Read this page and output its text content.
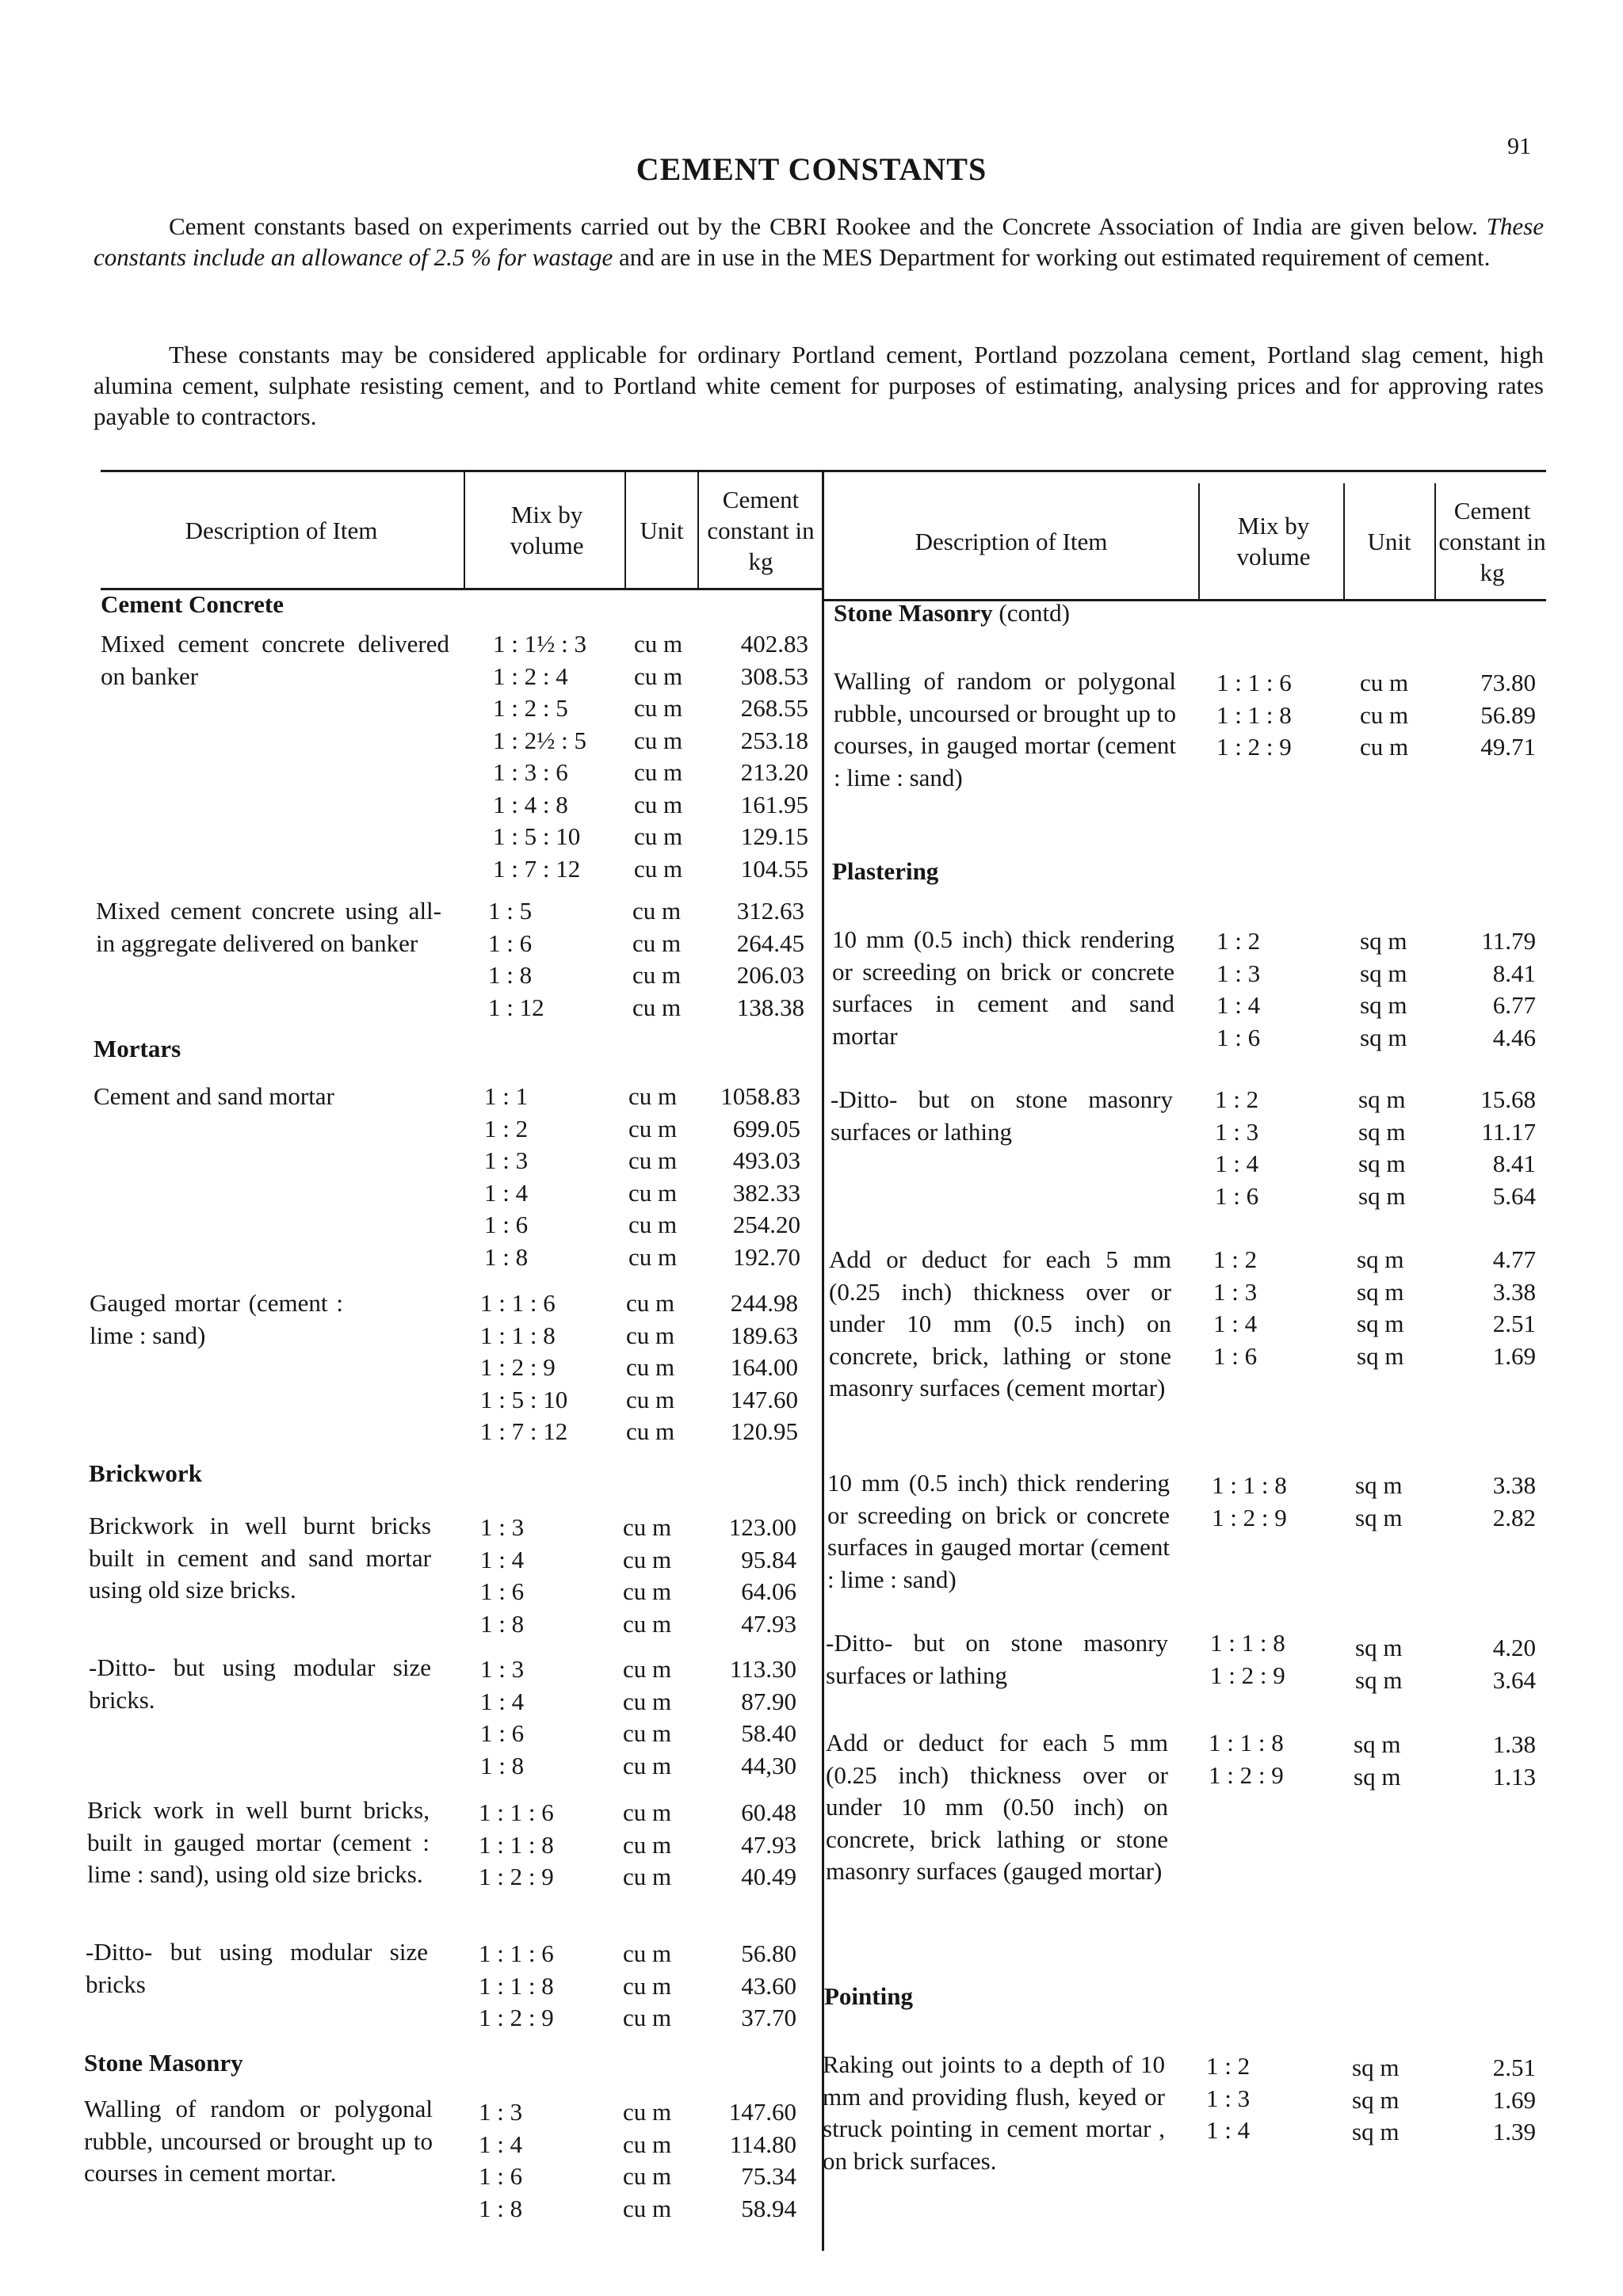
91
CEMENT CONSTANTS
Cement constants based on experiments carried out by the CBRI Rookee and the Concrete Association of India are given below. These constants include an allowance of 2.5 % for wastage and are in use in the MES Department for working out estimated requirement of cement.
These constants may be considered applicable for ordinary Portland cement, Portland pozzolana cement, Portland slag cement, high alumina cement, sulphate resisting cement, and to Portland white cement for purposes of estimating, analysing prices and for approving rates payable to contractors.
Description of Item
Mix by volume
Unit
Cement constant in kg
Description of Item
Mix by volume
Unit
Cement constant in kg
Cement Concrete
Mixed cement concrete delivered on banker
1 : 1½ : 3
1 : 2 : 4
1 : 2 : 5
1 : 2½ : 5
1 : 3 : 6
1 : 4 : 8
1 : 5 : 10
1 : 7 : 12
cu m
cu m
cu m
cu m
cu m
cu m
cu m
cu m
402.83
308.53
268.55
253.18
213.20
161.95
129.15
104.55
Mixed cement concrete using all-in aggregate delivered on banker
1 : 5
1 : 6
1 : 8
1 : 12
cu m
cu m
cu m
cu m
312.63
264.45
206.03
138.38
Mortars
Cement and sand mortar	1 : 1
1 : 2
1 : 3
1 : 4
1 : 6
1 : 8
cu m
cu m
cu m
cu m
cu m
cu m
1058.83
699.05
493.03
382.33
254.20
192.70
Gauged mortar (cement : lime : sand)
1 : 1 : 6
1 : 1 : 8
1 : 2 : 9
1 : 5 : 10
1 : 7 : 12
cu m
cu m
cu m
cu m
cu m
244.98
189.63
164.00
147.60
120.95
Brickwork
Brickwork in well burnt bricks built in cement and sand mortar using old size bricks.
1 : 3
1 : 4
1 : 6
1 : 8
cu m
cu m
cu m
cu m
123.00
95.84
64.06
47.93
-Ditto- but using modular size bricks.
1 : 3
1 : 4
1 : 6
1 : 8
cu m
cu m
cu m
cu m
113.30
87.90
58.40
44,30
Brick work in well burnt bricks, built in gauged mortar (cement : lime : sand), using old size bricks.
1 : 1 : 6
1 : 1 : 8
1 : 2 : 9
cu m
cu m
cu m
60.48
47.93
40.49
-Ditto- but using modular size bricks
1 : 1 : 6
1 : 1 : 8
1 : 2 : 9
cu m
cu m
cu m
56.80
43.60
37.70
Stone Masonry
Walling of random or polygonal rubble, uncoursed or brought up to courses in cement mortar.
1 : 3
1 : 4
1 : 6
1 : 8
cu m
cu m
cu m
cu m
147.60
114.80
75.34
58.94
Stone Masonry (contd)
Walling of random or polygonal rubble, uncoursed or brought up to courses, in gauged mortar (cement : lime : sand)
1 : 1 : 6
1 : 1 : 8
1 : 2 : 9
cu m
cu m
cu m
73.80
56.89
49.71
Plastering
10 mm (0.5 inch) thick rendering or screeding on brick or concrete surfaces in cement and sand mortar
1 : 2
1 : 3
1 : 4
1 : 6
sq m
sq m
sq m
sq m
11.79
8.41
6.77
4.46
-Ditto- but on stone masonry surfaces or lathing
1 : 2
1 : 3
1 : 4
1 : 6
sq m
sq m
sq m
sq m
15.68
11.17
8.41
5.64
Add or deduct for each 5 mm (0.25 inch) thickness over or under 10 mm (0.5 inch) on concrete, brick, lathing or stone masonry surfaces (cement mortar)
1 : 2
1 : 3
1 : 4
1 : 6
sq m
sq m
sq m
sq m
4.77
3.38
2.51
1.69
10 mm (0.5 inch) thick rendering or screeding on brick or concrete surfaces in gauged mortar (cement : lime : sand)
1 : 1 : 8
1 : 2 : 9
sq m
sq m
3.38
2.82
-Ditto- but on stone masonry surfaces or lathing
1 : 1 : 8
1 : 2 : 9
sq m
sq m
4.20
3.64
Add or deduct for each 5 mm (0.25 inch) thickness over or under 10 mm (0.50 inch) on concrete, brick lathing or stone masonry surfaces (gauged mortar)
1 : 1 : 8
1 : 2 : 9
sq m
sq m
1.38
1.13
Pointing
Raking out joints to a depth of 10 mm and providing flush, keyed or struck pointing in cement mortar , on brick surfaces.
1 : 2
1 : 3
1 : 4
sq m
sq m
sq m
2.51
1.69
1.39
